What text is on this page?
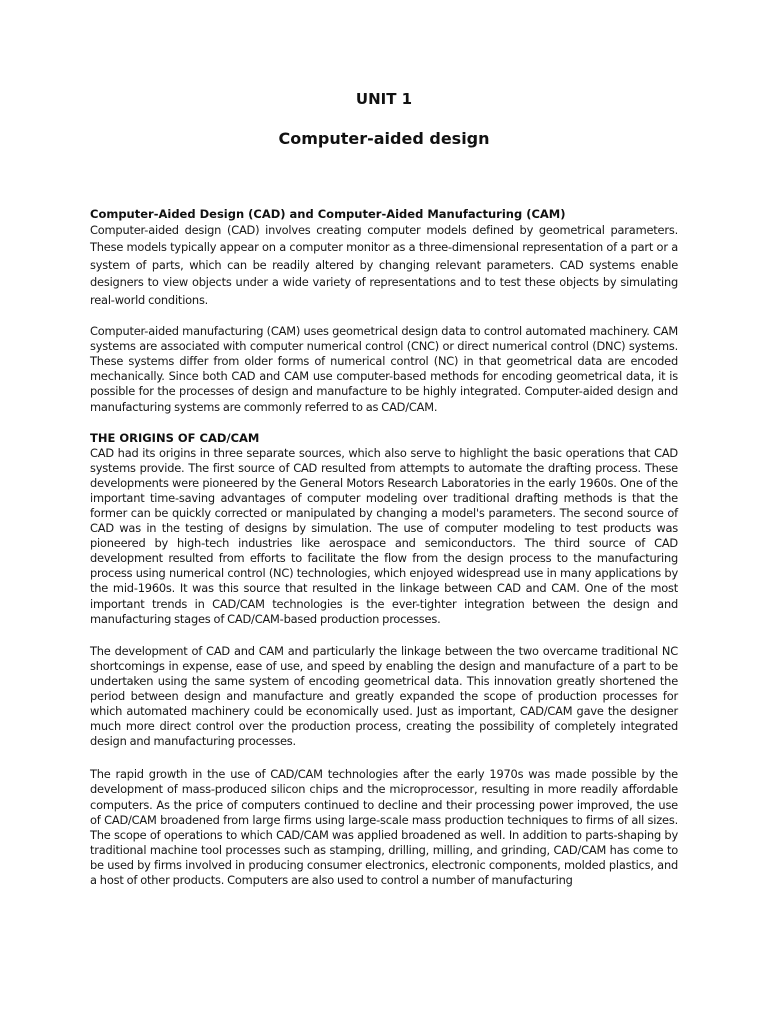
UNIT 1
Computer-aided design

Computer-Aided Design (CAD) and Computer-Aided Manufacturing (CAM)

Computer-aided design (CAD) involves creating computer models defined by geometrical parameters. These models typically appear on a computer monitor as a three-dimensional representation of a part or a system of parts, which can be readily altered by changing relevant parameters. CAD systems enable designers to view objects under a wide variety of representations and to test these objects by simulating real-world conditions.

Computer-aided manufacturing (CAM) uses geometrical design data to control automated machinery. CAM systems are associated with computer numerical control (CNC) or direct numerical control (DNC) systems. These systems differ from older forms of numerical control (NC) in that geometrical data are encoded mechanically. Since both CAD and CAM use computer-based methods for encoding geometrical data, it is possible for the processes of design and manufacture to be highly integrated. Computer-aided design and manufacturing systems are commonly referred to as CAD/CAM.

THE ORIGINS OF CAD/CAM

CAD had its origins in three separate sources, which also serve to highlight the basic operations that CAD systems provide. The first source of CAD resulted from attempts to automate the drafting process. These developments were pioneered by the General Motors Research Laboratories in the early 1960s. One of the important time-saving advantages of computer modeling over traditional drafting methods is that the former can be quickly corrected or manipulated by changing a model's parameters. The second source of CAD was in the testing of designs by simulation. The use of computer modeling to test products was pioneered by high-tech industries like aerospace and semiconductors. The third source of CAD development resulted from efforts to facilitate the flow from the design process to the manufacturing process using numerical control (NC) technologies, which enjoyed widespread use in many applications by the mid-1960s. It was this source that resulted in the linkage between CAD and CAM. One of the most important trends in CAD/CAM technologies is the ever-tighter integration between the design and manufacturing stages of CAD/CAM-based production processes.

The development of CAD and CAM and particularly the linkage between the two overcame traditional NC shortcomings in expense, ease of use, and speed by enabling the design and manufacture of a part to be undertaken using the same system of encoding geometrical data. This innovation greatly shortened the period between design and manufacture and greatly expanded the scope of production processes for which automated machinery could be economically used. Just as important, CAD/CAM gave the designer much more direct control over the production process, creating the possibility of completely integrated design and manufacturing processes.

The rapid growth in the use of CAD/CAM technologies after the early 1970s was made possible by the development of mass-produced silicon chips and the microprocessor, resulting in more readily affordable computers. As the price of computers continued to decline and their processing power improved, the use of CAD/CAM broadened from large firms using large-scale mass production techniques to firms of all sizes. The scope of operations to which CAD/CAM was applied broadened as well. In addition to parts-shaping by traditional machine tool processes such as stamping, drilling, milling, and grinding, CAD/CAM has come to be used by firms involved in producing consumer electronics, electronic components, molded plastics, and a host of other products. Computers are also used to control a number of manufacturing
